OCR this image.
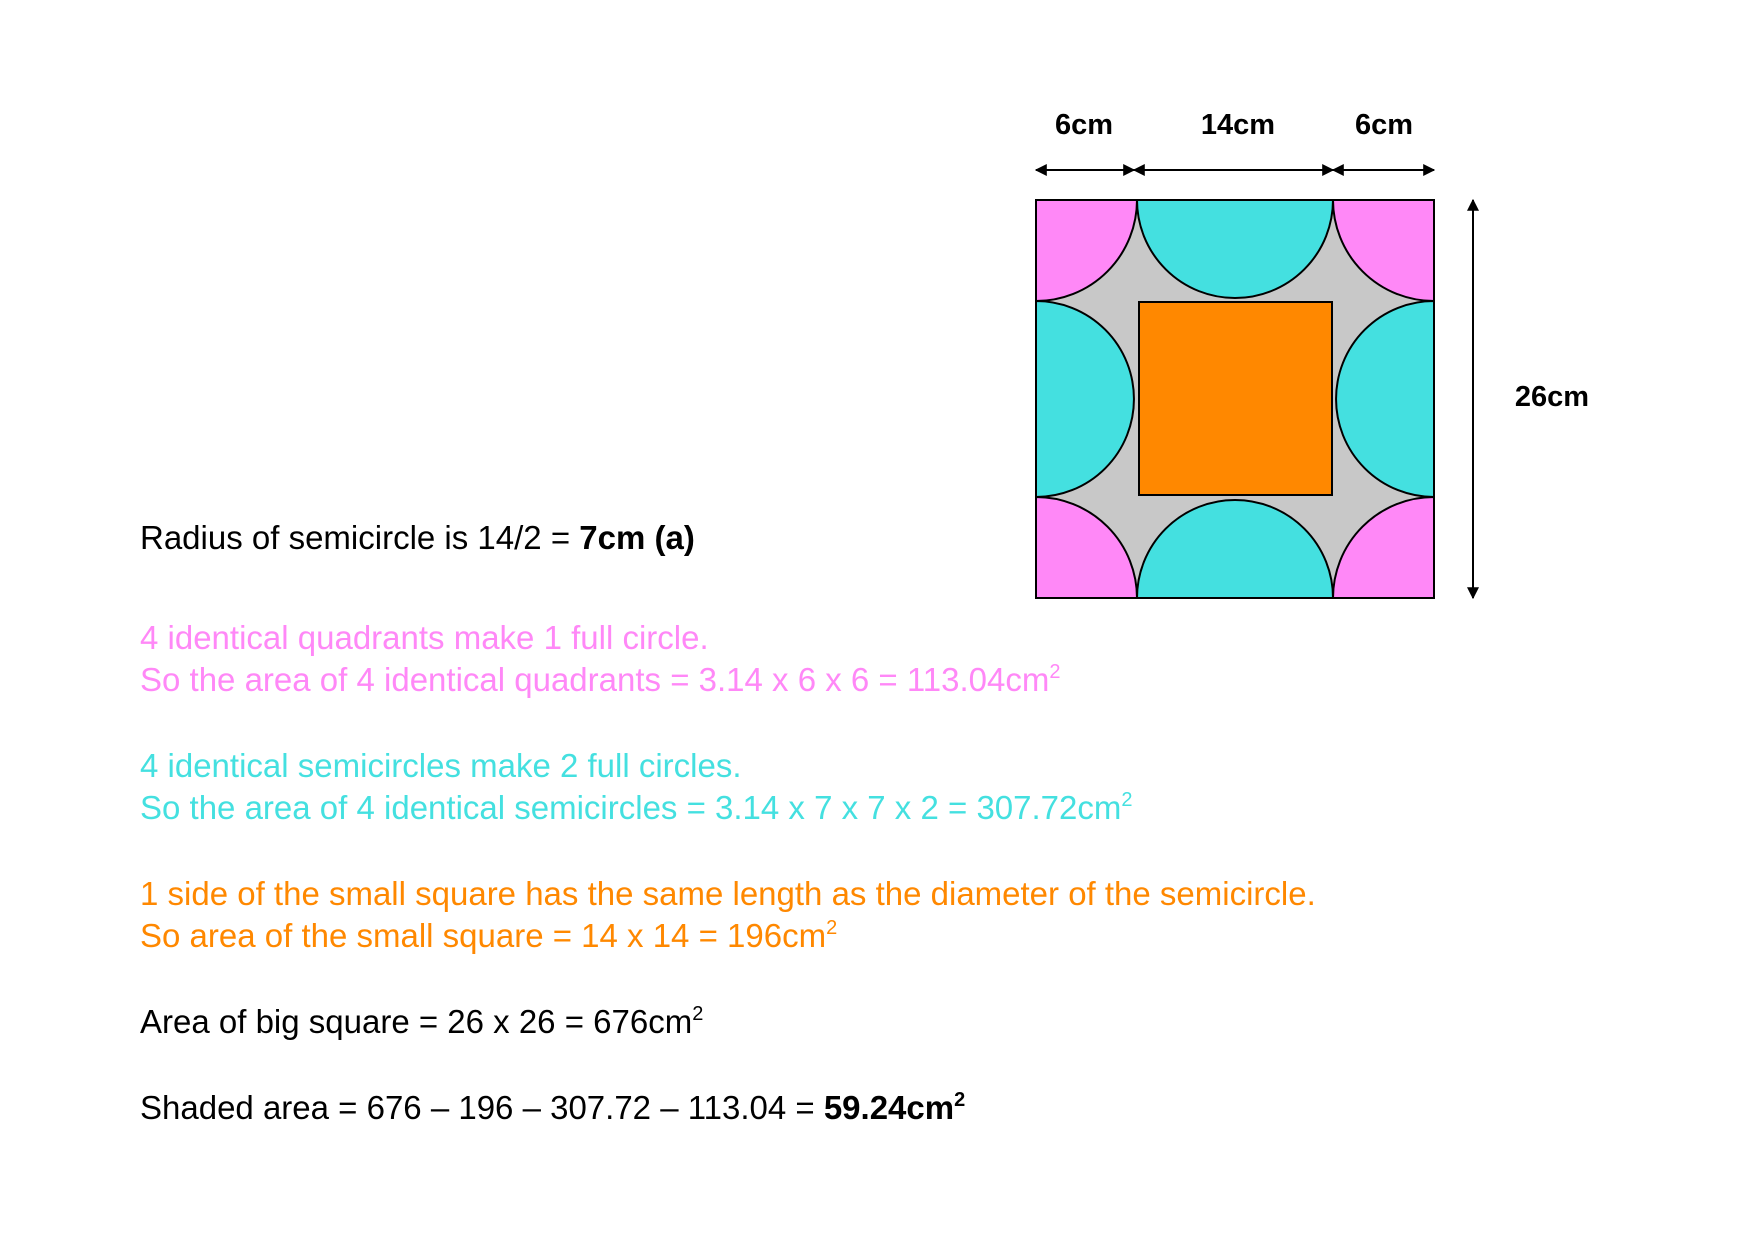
6cm	14cm	6cm
26cm

Radius of semicircle is 14/2 = 7cm (a)

4 identical quadrants make 1 full circle.

So the area of 4 identical quadrants = 3.14 x 6 x $6 = 113.04cm^2$

4 identical semicircles make 2 full circles.

So the area of 4 identical semicircles = 3.14 x 7 x 7 x $2 = 307.72cm^2$

1 side of the small square has the same length as the diameter of the semicircle.

So area of the small square = 14 x $14 = 196cm^2$

Area of big square = 26 x $26 = 676cm^2$

Shaded area = $676 - 196 - 307.72 - 113.04 = 59.24cm^2$
